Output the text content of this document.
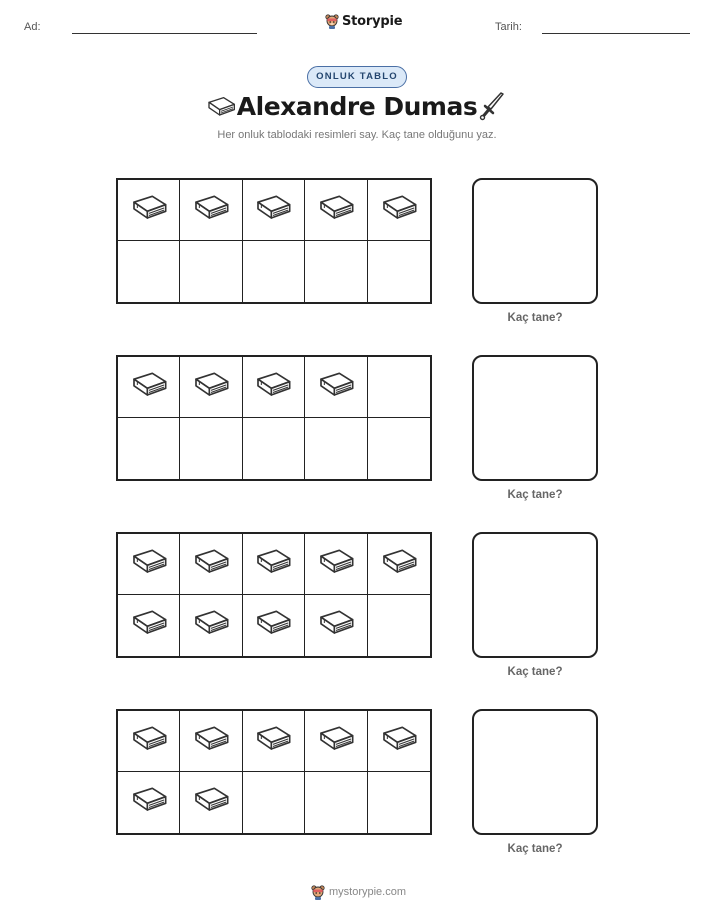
Ad:	Storypie	Tarih:
ONLUK TABLO
Alexandre Dumas
Her onluk tablodaki resimleri say. Kaç tane olduğunu yaz.
Kaç tane?
Kaç tane?
Kaç tane?
Kaç tane?
mystorypie.com
